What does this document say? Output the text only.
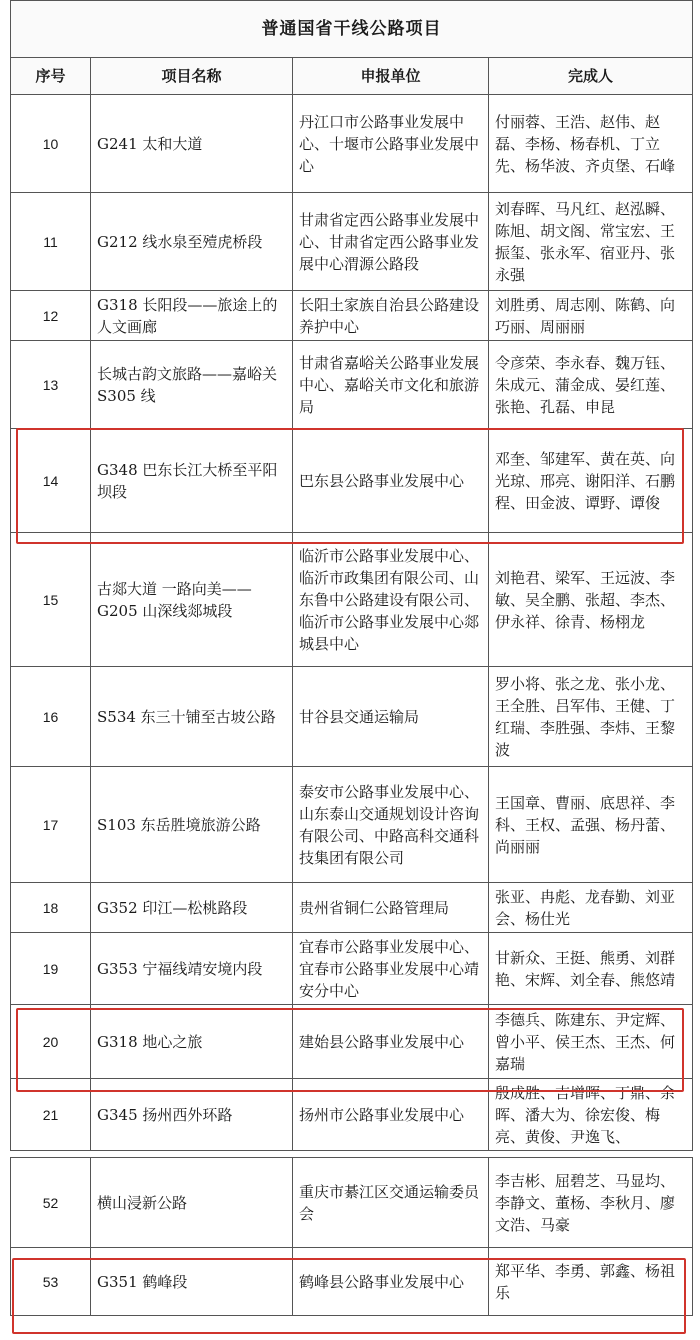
普通国省干线公路项目			
序号	项目名称	申报单位	完成人
10	G241 太和大道	丹江口市公路事业发展中心、十堰市公路事业发展中心	付丽蓉、王浩、赵伟、赵磊、李杨、杨春机、丁立先、杨华波、齐贞堡、石峰
11	G212 线水泉至殪虎桥段	甘肃省定西公路事业发展中心、甘肃省定西公路事业发展中心渭源公路段	刘春晖、马凡红、赵泓瞬、陈旭、胡文阁、常宝宏、王振玺、张永军、宿亚丹、张永强
12	G318 长阳段——旅途上的人文画廊	长阳土家族自治县公路建设养护中心	刘胜勇、周志刚、陈鹤、向巧丽、周丽丽
13	长城古韵文旅路——嘉峪关 S305 线	甘肃省嘉峪关公路事业发展中心、嘉峪关市文化和旅游局	令彦荣、李永春、魏万钰、朱成元、蒲金成、晏红莲、张艳、孔磊、申昆
14	G348 巴东长江大桥至平阳坝段	巴东县公路事业发展中心	邓奎、邹建军、黄在英、向光琼、邢亮、谢阳洋、石鹏程、田金波、谭野、谭俊
15	古郯大道 一路向美——G205 山深线郯城段	临沂市公路事业发展中心、临沂市政集团有限公司、山东鲁中公路建设有限公司、临沂市公路事业发展中心郯城县中心	刘艳君、梁军、王远波、李敏、吴全鹏、张超、李杰、伊永祥、徐青、杨栩龙
16	S534 东三十铺至古坡公路	甘谷县交通运输局	罗小将、张之龙、张小龙、王全胜、吕军伟、王健、丁红瑞、李胜强、李炜、王黎波
17	S103 东岳胜境旅游公路	泰安市公路事业发展中心、山东泰山交通规划设计咨询有限公司、中路高科交通科技集团有限公司	王国章、曹丽、底思祥、李科、王权、孟强、杨丹蕾、尚丽丽
18	G352 印江—松桃路段	贵州省铜仁公路管理局	张亚、冉彪、龙春勤、刘亚会、杨仕光
19	G353 宁福线靖安境内段	宜春市公路事业发展中心、宜春市公路事业发展中心靖安分中心	甘新众、王挺、熊勇、刘群艳、宋辉、刘全春、熊悠靖
20	G318 地心之旅	建始县公路事业发展中心	李德兵、陈建东、尹定辉、曾小平、侯王杰、王杰、何嘉瑞
21	G345 扬州西外环路	扬州市公路事业发展中心	殷成胜、吉增晖、丁鼎、余晖、潘大为、徐宏俊、梅亮、黄俊、尹逸飞、

52	横山浸新公路	重庆市綦江区交通运输委员会	李吉彬、屈碧芝、马显均、李静文、董杨、李秋月、廖文浩、马豪
53	G351 鹤峰段	鹤峰县公路事业发展中心	郑平华、李勇、郭鑫、杨祖乐
